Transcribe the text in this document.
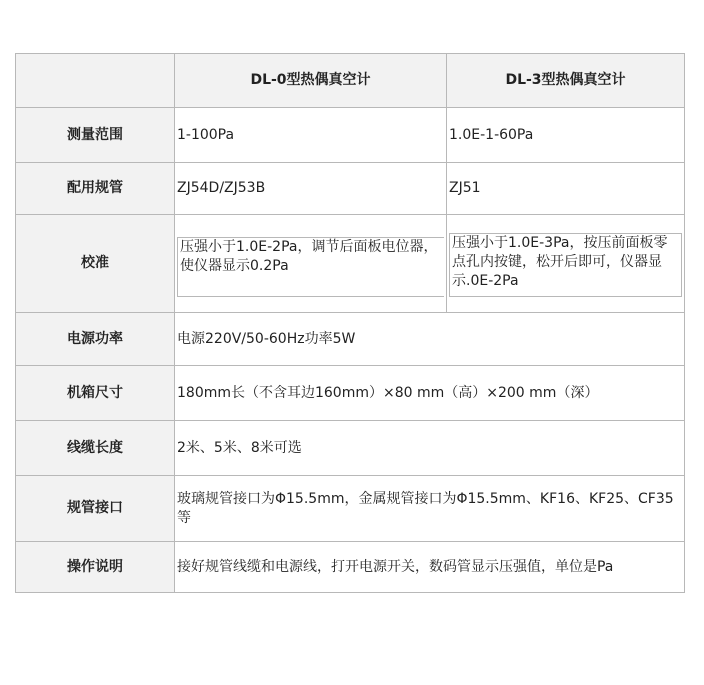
	DL-0型热偶真空计	DL-3型热偶真空计
测量范围	1-100Pa	1.0E-1-60Pa
配用规管	ZJ54D/ZJ53B	ZJ51
校准	压强小于1.0E-2Pa，调节后面板电位器，使仪器显示0.2Pa	压强小于1.0E-3Pa，按压前面板零点孔内按键，松开后即可，仪器显示.0E-2Pa

电源功率	电源220V/50-60Hz功率5W	
机箱尺寸	180mm长（不含耳边160mm）×80 mm（高）×200 mm（深）	
线缆长度	2米、5米、8米可选	
规管接口	玻璃规管接口为Φ15.5mm，金属规管接口为Φ15.5mm、KF16、KF25、CF35等	
操作说明	接好规管线缆和电源线，打开电源开关，数码管显示压强值，单位是Pa	
